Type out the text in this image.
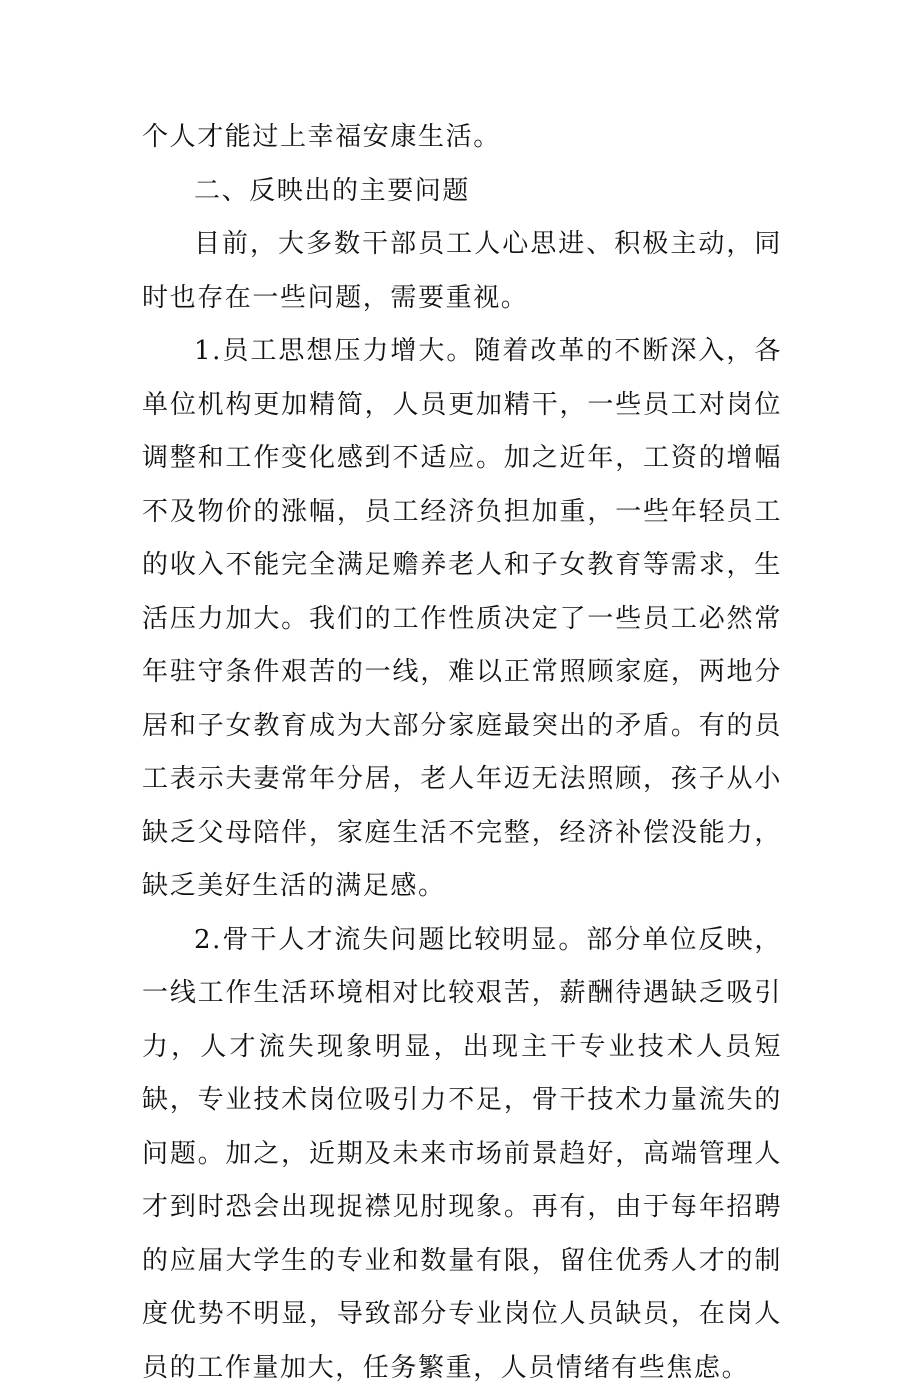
个人才能过上幸福安康生活。

二、反映出的主要问题

目前，大多数干部员工人心思进、积极主动，同时也存在一些问题，需要重视。

1.员工思想压力增大。随着改革的不断深入，各单位机构更加精简，人员更加精干，一些员工对岗位调整和工作变化感到不适应。加之近年，工资的增幅不及物价的涨幅，员工经济负担加重，一些年轻员工的收入不能完全满足赡养老人和子女教育等需求，生活压力加大。我们的工作性质决定了一些员工必然常年驻守条件艰苦的一线，难以正常照顾家庭，两地分居和子女教育成为大部分家庭最突出的矛盾。有的员工表示夫妻常年分居，老人年迈无法照顾，孩子从小缺乏父母陪伴，家庭生活不完整，经济补偿没能力，缺乏美好生活的满足感。

2.骨干人才流失问题比较明显。部分单位反映，一线工作生活环境相对比较艰苦，薪酬待遇缺乏吸引力，人才流失现象明显，出现主干专业技术人员短缺，专业技术岗位吸引力不足，骨干技术力量流失的问题。加之，近期及未来市场前景趋好，高端管理人才到时恐会出现捉襟见肘现象。再有，由于每年招聘的应届大学生的专业和数量有限，留住优秀人才的制度优势不明显，导致部分专业岗位人员缺员，在岗人员的工作量加大，任务繁重，人员情绪有些焦虑。
